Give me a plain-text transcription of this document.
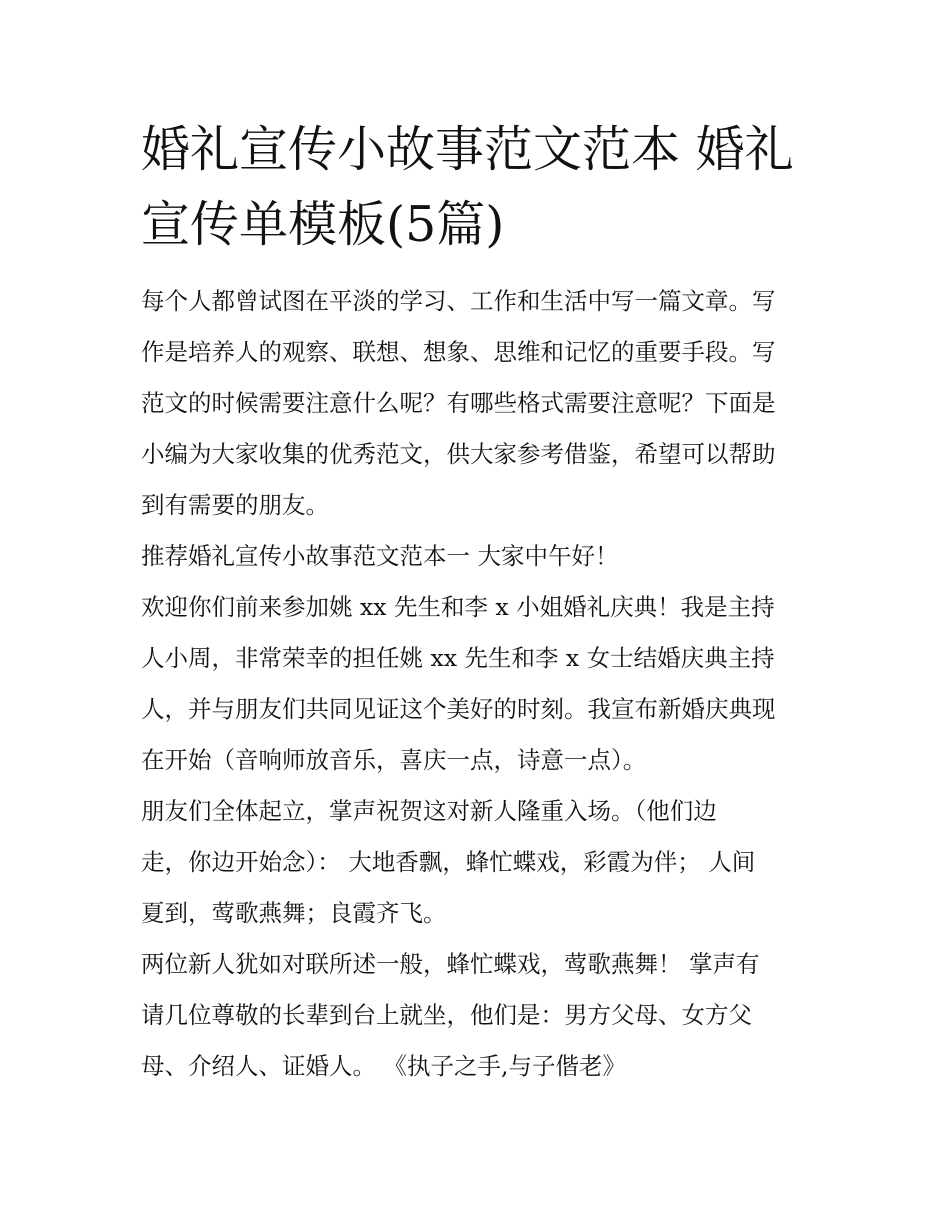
婚礼宣传小故事范文范本 婚礼
宣传单模板(5篇)

每个人都曾试图在平淡的学习、工作和生活中写一篇文章。写
作是培养人的观察、联想、想象、思维和记忆的重要手段。写
范文的时候需要注意什么呢？有哪些格式需要注意呢？下面是
小编为大家收集的优秀范文，供大家参考借鉴，希望可以帮助
到有需要的朋友。

推荐婚礼宣传小故事范文范本一 大家中午好！

欢迎你们前来参加姚 xx 先生和李 x 小姐婚礼庆典！我是主持
人小周，非常荣幸的担任姚 xx 先生和李 x 女士结婚庆典主持
人，并与朋友们共同见证这个美好的时刻。我宣布新婚庆典现
在开始（音响师放音乐，喜庆一点，诗意一点）。

朋友们全体起立，掌声祝贺这对新人隆重入场。（他们边
走，你边开始念）： 大地香飘，蜂忙蝶戏，彩霞为伴； 人间
夏到，莺歌燕舞；良霞齐飞。

两位新人犹如对联所述一般，蜂忙蝶戏，莺歌燕舞！ 掌声有
请几位尊敬的长辈到台上就坐，他们是：男方父母、女方父
母、介绍人、证婚人。 《执子之手,与子偕老》
